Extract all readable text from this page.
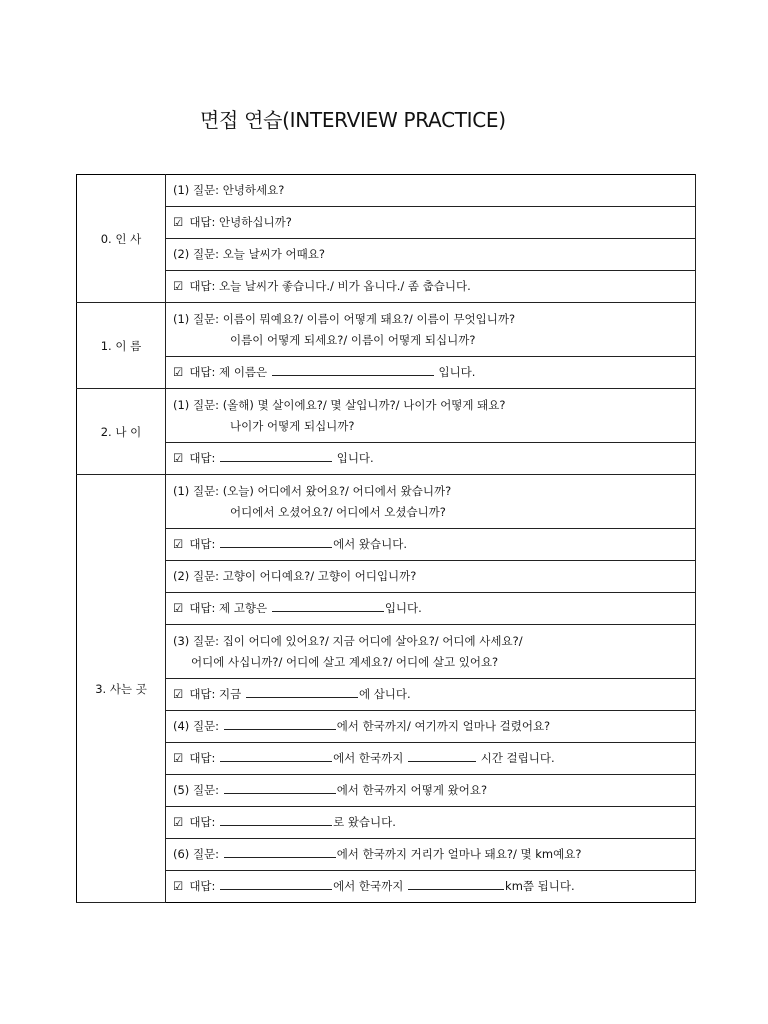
면접 연습(INTERVIEW PRACTICE)
0. 인 사	(1) 질문: 안녕하세요?
	☑ 대답: 안녕하십니까?
	(2) 질문: 오늘 날씨가 어때요?
	☑ 대답: 오늘 날씨가 좋습니다./ 비가 옵니다./ 좀 춥습니다.
1. 이 름	(1) 질문: 이름이 뭐예요?/ 이름이 어떻게 돼요?/ 이름이 무엇입니까?
이름이 어떻게 되세요?/ 이름이 어떻게 되십니까?

	☑ 대답: 제 이름은 입니다.
2. 나 이	(1) 질문: (올해) 몇 살이에요?/ 몇 살입니까?/ 나이가 어떻게 돼요?
나이가 어떻게 되십니까?

	☑ 대답: 입니다.
3. 사는 곳	(1) 질문: (오늘) 어디에서 왔어요?/ 어디에서 왔습니까?
어디에서 오셨어요?/ 어디에서 오셨습니까?

	☑ 대답: 에서 왔습니다.
	(2) 질문: 고향이 어디예요?/ 고향이 어디입니까?
	☑ 대답: 제 고향은 입니다.

	(3) 질문: 집이 어디에 있어요?/ 지금 어디에 살아요?/ 어디에 사세요?/
어디에 사십니까?/ 어디에 살고 계세요?/ 어디에 살고 있어요?

	☑ 대답: 지금 에 삽니다.
	(4) 질문: 에서 한국까지/ 여기까지 얼마나 걸렸어요?
	☑ 대답: 에서 한국까지 시간 걸립니다.
	(5) 질문: 에서 한국까지 어떻게 왔어요?
	☑ 대답: 로 왔습니다.
	(6) 질문: 에서 한국까지 거리가 얼마나 돼요?/ 몇 km예요?
	☑ 대답: 에서 한국까지 km쯤 됩니다.
